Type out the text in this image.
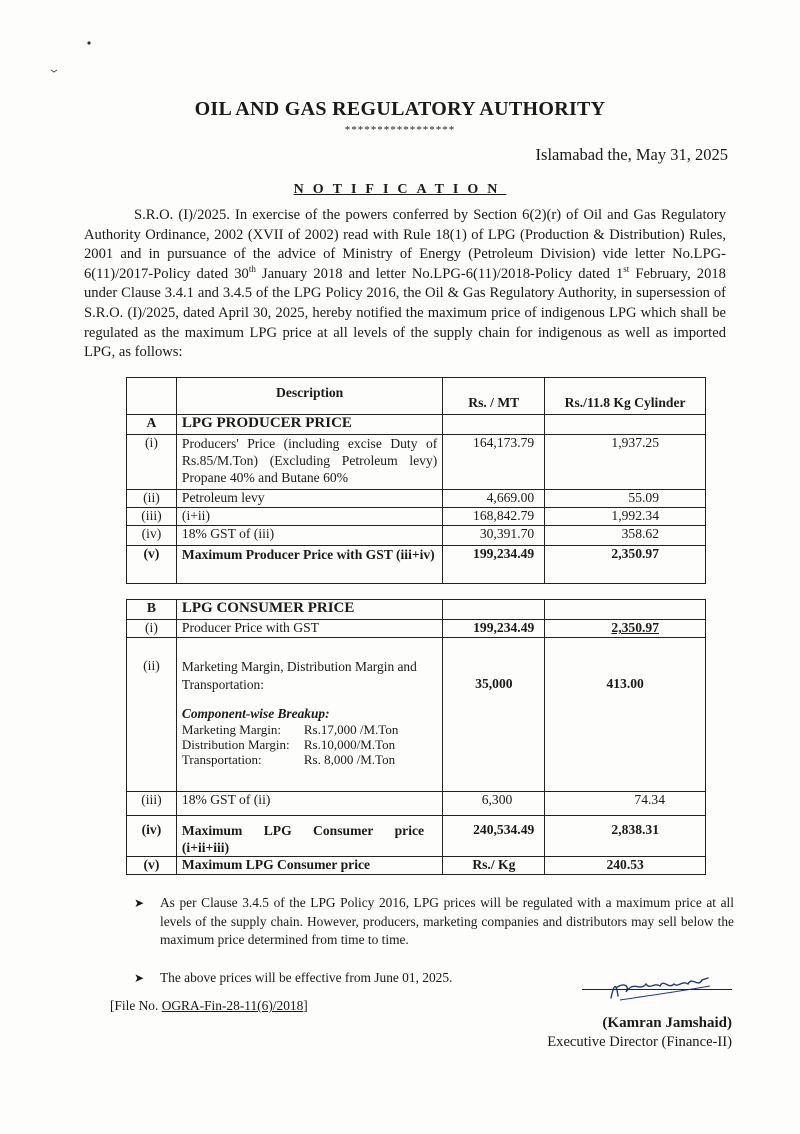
OIL AND GAS REGULATORY AUTHORITY
*****************
Islamabad the, May 31, 2025
NOTIFICATION

S.R.O. (I)/2025. In exercise of the powers conferred by Section 6(2)(r) of Oil and Gas Regulatory Authority Ordinance, 2002 (XVII of 2002) read with Rule 18(1) of LPG (Production & Distribution) Rules, 2001 and in pursuance of the advice of Ministry of Energy (Petroleum Division) vide letter No.LPG-6(11)/2017-Policy dated 30th January 2018 and letter No.LPG-6(11)/2018-Policy dated 1st February, 2018 under Clause 3.4.1 and 3.4.5 of the LPG Policy 2016, the Oil & Gas Regulatory Authority, in supersession of S.R.O. (I)/2025, dated April 30, 2025, hereby notified the maximum price of indigenous LPG which shall be regulated as the maximum LPG price at all levels of the supply chain for indigenous as well as imported LPG, as follows:

	Description	Rs. / MT	Rs./11.8 Kg Cylinder
A	LPG PRODUCER PRICE		
(i)	Producers' Price (including excise Duty of Rs.85/M.Ton) (Excluding Petroleum levy) Propane 40% and Butane 60%	164,173.79	1,937.25
(ii)	Petroleum levy	4,669.00	55.09
(iii)	(i+ii)	168,842.79	1,992.34
(iv)	18% GST of (iii)	30,391.70	358.62
(v)	Maximum Producer Price with GST (iii+iv)	199,234.49	2,350.97
B	LPG CONSUMER PRICE		
(i)	Producer Price with GST	199,234.49	2,350.97
(ii)	Marketing Margin, Distribution Margin and Transportation:
Component-wise Breakup:
Marketing Margin:	Rs.17,000 /M.Ton
Distribution Margin:	Rs.10,000/M.Ton
Transportation:	Rs. 8,000 /M.Ton
	35,000	413.00
(iii)	18% GST of (ii)	6,300	74.34
(iv)	Maximum LPG Consumer price (i+ii+iii)	240,534.49	2,838.31
(v)	Maximum LPG Consumer price	Rs./ Kg	240.53
➤ As per Clause 3.4.5 of the LPG Policy 2016, LPG prices will be regulated with a maximum price at all levels of the supply chain. However, producers, marketing companies and distributors may sell below the maximum price determined from time to time.
➤ The above prices will be effective from June 01, 2025.
[File No. OGRA-Fin-28-11(6)/2018]
(Kamran Jamshaid)
Executive Director (Finance-II)
